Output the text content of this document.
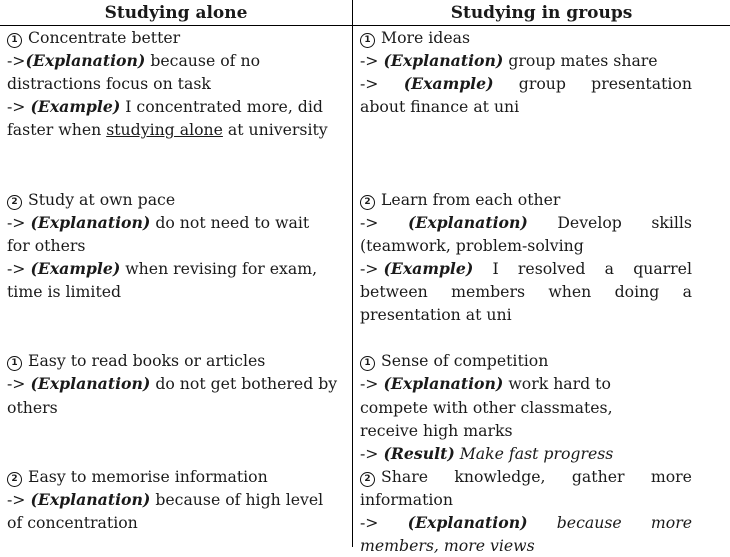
Studying alone	Studying in groups
1 Concentrate better
->(Explanation) because of no
distractions focus on task
-> (Example) I concentrated more, did
faster when studying alone at university
2 Study at own pace
-> (Explanation) do not need to wait
for others
-> (Example) when revising for exam,
time is limited
1 Easy to read books or articles
-> (Explanation) do not get bothered by
others
2 Easy to memorise information
-> (Explanation) because of high level
of concentration
1 More ideas
-> (Explanation) group mates share
-> (Example) group presentation
about finance at uni
2 Learn from each other
-> (Explanation) Develop skills
(teamwork, problem-solving
-> (Example) I resolved a quarrel
between members when doing a
presentation at uni
1 Sense of competition
-> (Explanation) work hard to
compete with other classmates,
receive high marks
-> (Result) Make fast progress
2 Share knowledge, gather more
information
-> (Explanation) because more
members, more views
